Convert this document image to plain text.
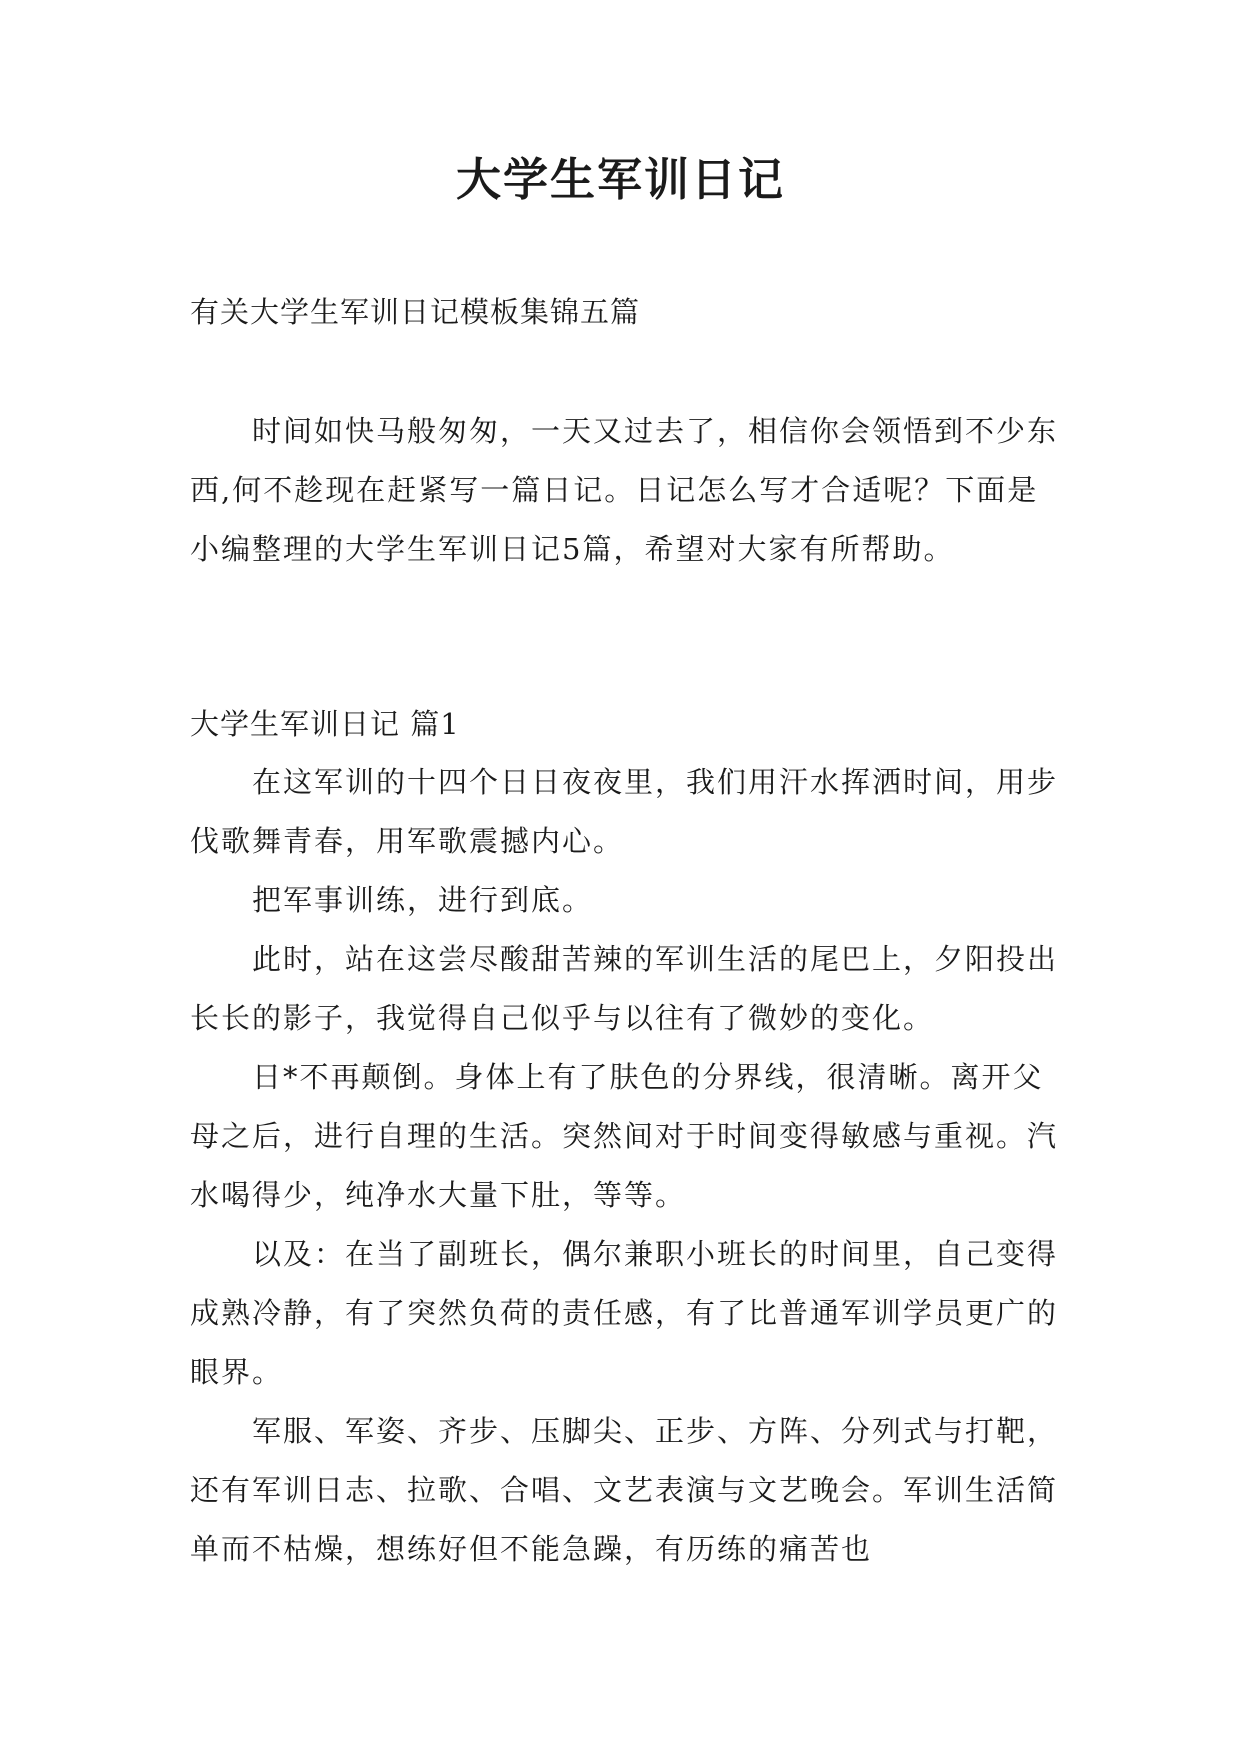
大学生军训日记
有关大学生军训日记模板集锦五篇

时间如快马般匆匆，一天又过去了，相信你会领悟到不少东西,何不趁现在赶紧写一篇日记。日记怎么写才合适呢？下面是小编整理的大学生军训日记5篇，希望对大家有所帮助。

大学生军训日记 篇1

在这军训的十四个日日夜夜里，我们用汗水挥洒时间，用步伐歌舞青春，用军歌震撼内心。

把军事训练，进行到底。

此时，站在这尝尽酸甜苦辣的军训生活的尾巴上，夕阳投出长长的影子，我觉得自己似乎与以往有了微妙的变化。

日*不再颠倒。身体上有了肤色的分界线，很清晰。离开父母之后，进行自理的生活。突然间对于时间变得敏感与重视。汽水喝得少，纯净水大量下肚，等等。

以及：在当了副班长，偶尔兼职小班长的时间里，自己变得成熟冷静，有了突然负荷的责任感，有了比普通军训学员更广的眼界。

军服、军姿、齐步、压脚尖、正步、方阵、分列式与打靶，还有军训日志、拉歌、合唱、文艺表演与文艺晚会。军训生活简单而不枯燥，想练好但不能急躁，有历练的痛苦也
